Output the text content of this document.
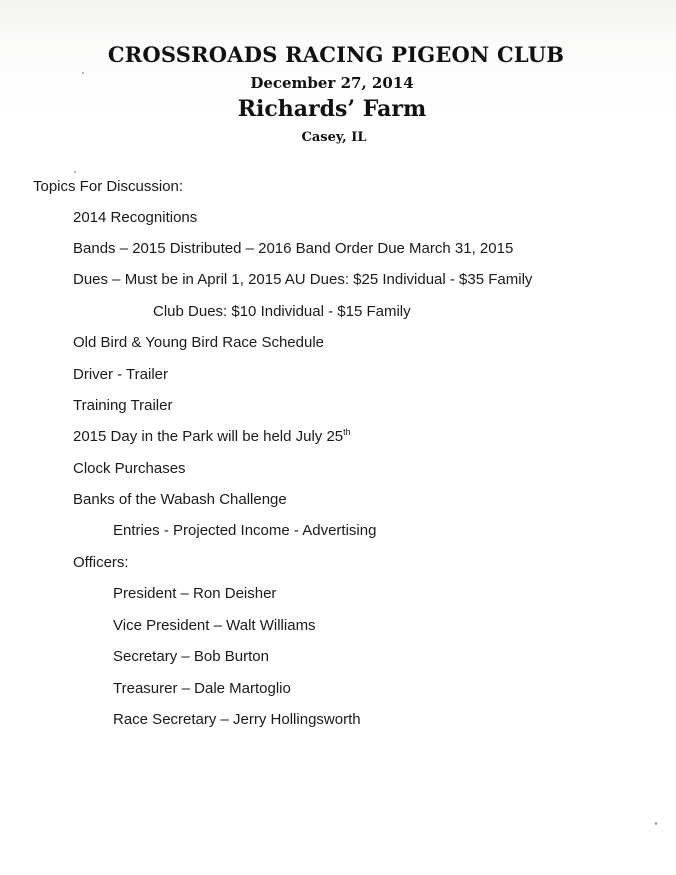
CROSSROADS RACING PIGEON CLUB
December 27, 2014
Richards’ Farm
Casey, IL
Topics For Discussion:
2014 Recognitions
Bands – 2015 Distributed – 2016 Band Order Due March 31, 2015
Dues – Must be in April 1, 2015 AU Dues: $25 Individual - $35 Family
Club Dues: $10 Individual - $15 Family
Old Bird & Young Bird Race Schedule
Driver - Trailer
Training Trailer
2015 Day in the Park will be held July 25th
Clock Purchases
Banks of the Wabash Challenge
Entries - Projected Income - Advertising
Officers:
President – Ron Deisher
Vice President – Walt Williams
Secretary – Bob Burton
Treasurer – Dale Martoglio
Race Secretary – Jerry Hollingsworth
